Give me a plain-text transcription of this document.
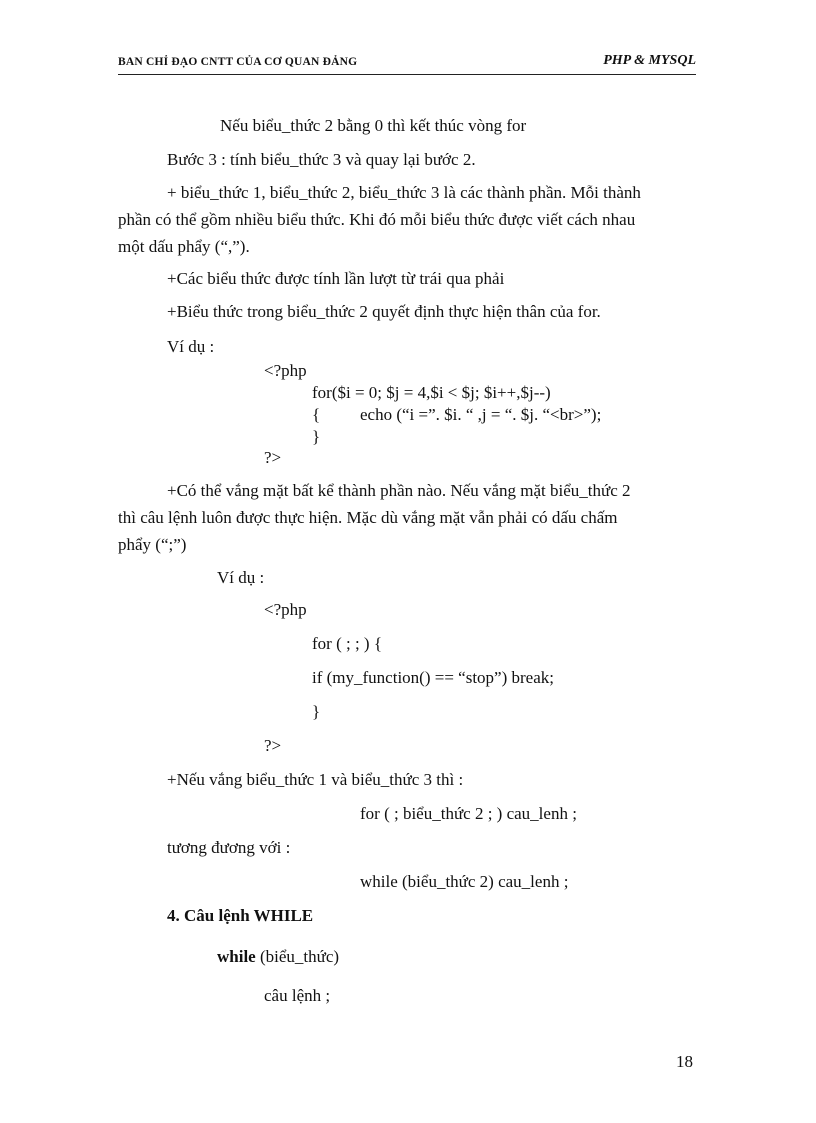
BAN CHỈ ĐẠO CNTT CỦA CƠ QUAN ĐẢNG	PHP & MYSQL
Nếu biểu_thức 2 bằng 0 thì kết thúc vòng for
Bước 3 : tính biểu_thức 3 và quay lại bước 2.
+ biểu_thức 1, biểu_thức 2, biểu_thức 3 là các thành phần. Mỗi thành
phần có thể gồm nhiều biểu thức. Khi đó mỗi biểu thức được viết cách nhau
một dấu phẩy (“,”).
+Các biểu thức được tính lần lượt từ trái qua phải
+Biểu thức trong biểu_thức 2 quyết định thực hiện thân của for.
Ví dụ :
<?php
for($i = 0; $j = 4,$i < $j; $i++,$j--)
{ echo (“i =”. $i. “ ,j = “. $j. “<br>”);
}
?>
+Có thể vắng mặt bất kể thành phần nào. Nếu vắng mặt biểu_thức 2
thì câu lệnh luôn được thực hiện. Mặc dù vắng mặt vẫn phải có dấu chấm
phẩy (“;”)
Ví dụ :
<?php
for ( ; ; ) {
if (my_function() == “stop”) break;
}
?>
+Nếu vắng biểu_thức 1 và biểu_thức 3 thì :
for ( ; biểu_thức 2 ; ) cau_lenh ;
tương đương với :
while (biểu_thức 2) cau_lenh ;
4. Câu lệnh WHILE
while (biểu_thức)
câu lệnh ;
18
